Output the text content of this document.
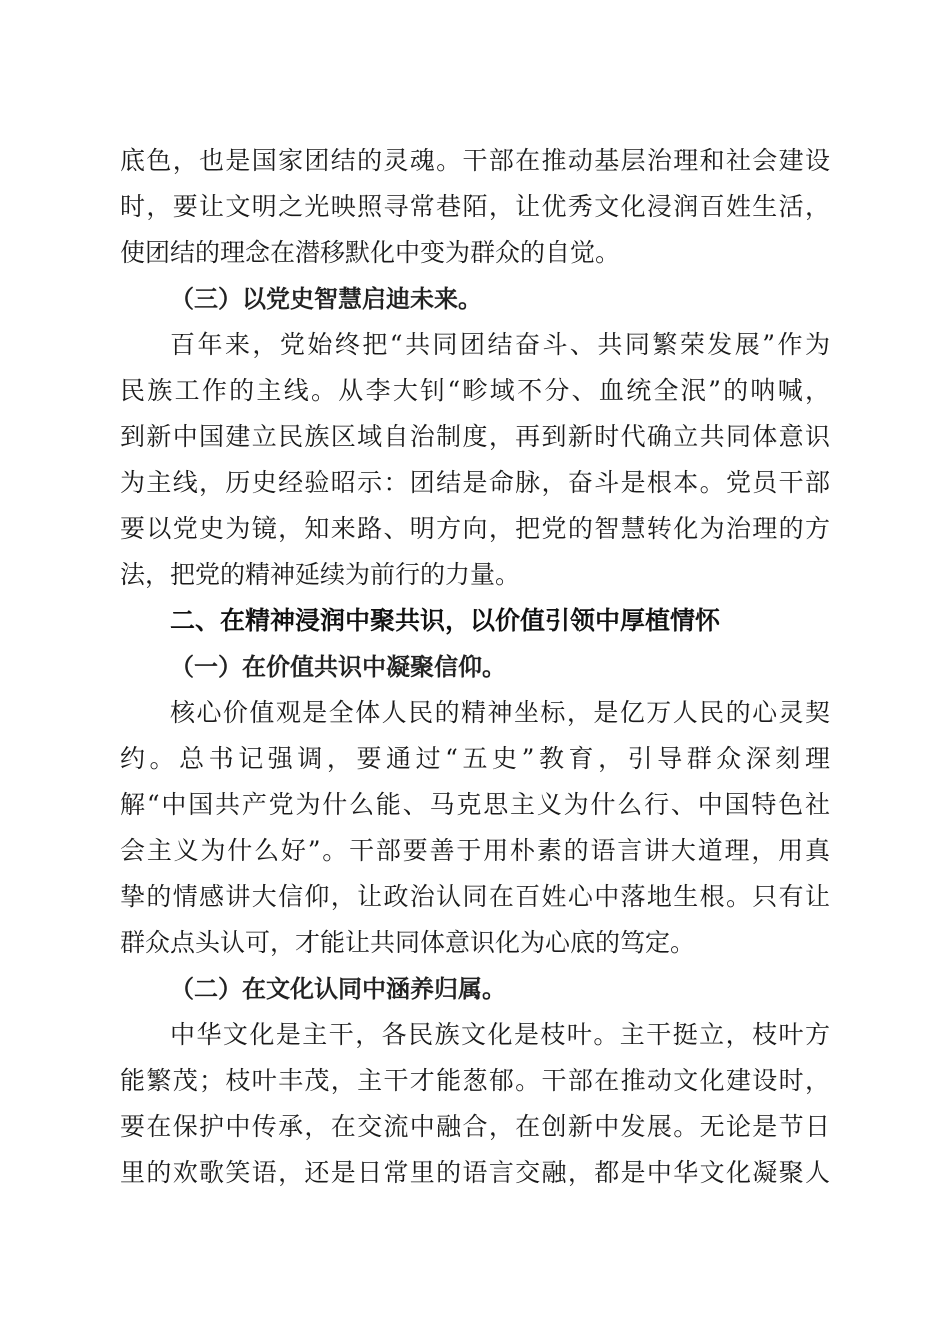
底色，也是国家团结的灵魂。干部在推动基层治理和社会建设
时，要让文明之光映照寻常巷陌，让优秀文化浸润百姓生活，
使团结的理念在潜移默化中变为群众的自觉。
（三）以党史智慧启迪未来。
百年来，党始终把“共同团结奋斗、共同繁荣发展”作为
民族工作的主线。从李大钊“畛域不分、血统全泯”的呐喊，
到新中国建立民族区域自治制度，再到新时代确立共同体意识
为主线，历史经验昭示：团结是命脉，奋斗是根本。党员干部
要以党史为镜，知来路、明方向，把党的智慧转化为治理的方
法，把党的精神延续为前行的力量。
二、在精神浸润中聚共识，以价值引领中厚植情怀
（一）在价值共识中凝聚信仰。
核心价值观是全体人民的精神坐标，是亿万人民的心灵契
约。总书记强调，要通过“五史”教育，引导群众深刻理
解“中国共产党为什么能、马克思主义为什么行、中国特色社
会主义为什么好”。干部要善于用朴素的语言讲大道理，用真
挚的情感讲大信仰，让政治认同在百姓心中落地生根。只有让
群众点头认可，才能让共同体意识化为心底的笃定。
（二）在文化认同中涵养归属。
中华文化是主干，各民族文化是枝叶。主干挺立，枝叶方
能繁茂；枝叶丰茂，主干才能葱郁。干部在推动文化建设时，
要在保护中传承，在交流中融合，在创新中发展。无论是节日
里的欢歌笑语，还是日常里的语言交融，都是中华文化凝聚人
